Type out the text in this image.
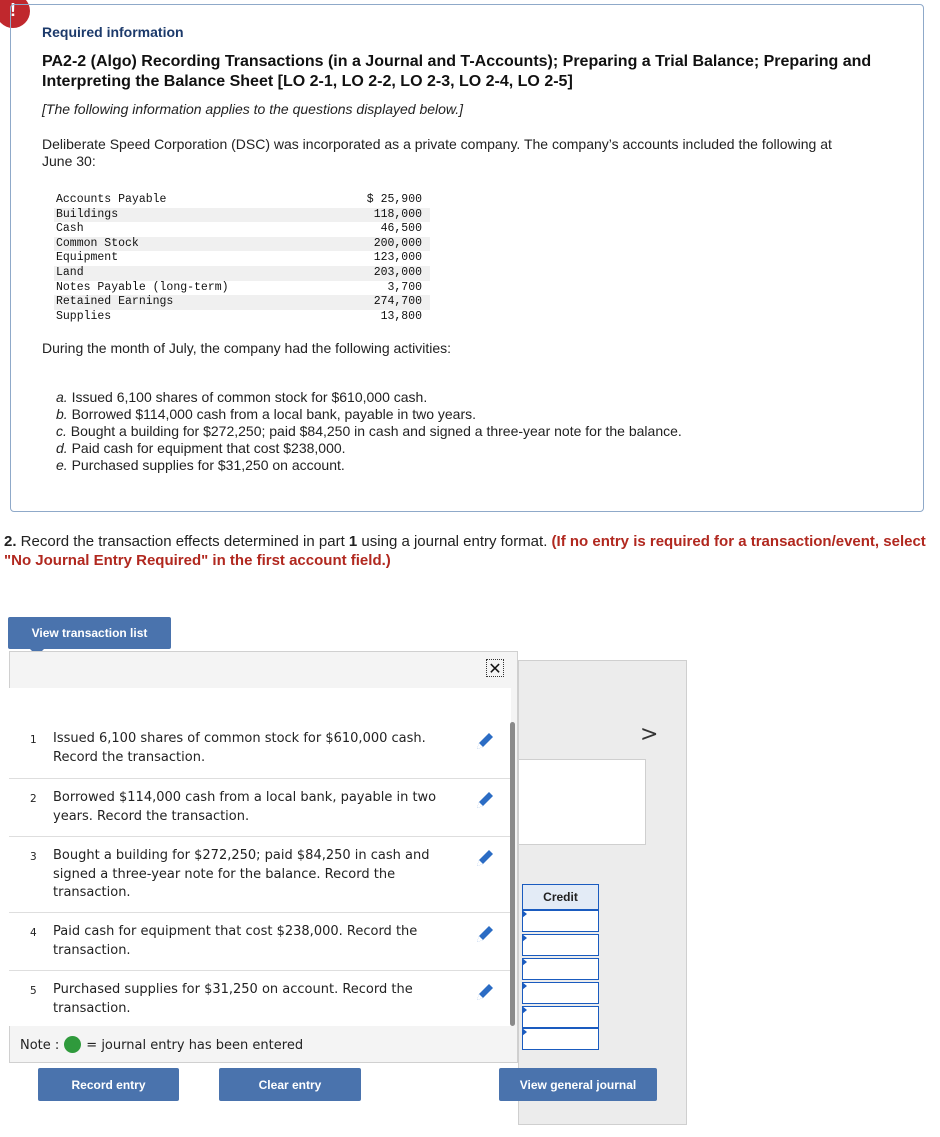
!
Required information
PA2-2 (Algo) Recording Transactions (in a Journal and T-Accounts); Preparing a Trial Balance; Preparing and Interpreting the Balance Sheet [LO 2-1, LO 2-2, LO 2-3, LO 2-4, LO 2-5]
[The following information applies to the questions displayed below.]
Deliberate Speed Corporation (DSC) was incorporated as a private company. The company’s accounts included the following at June 30:
Accounts Payable	$ 25,900
Buildings	118,000
Cash	46,500
Common Stock	200,000
Equipment	123,000
Land	203,000
Notes Payable (long-term)	3,700
Retained Earnings	274,700
Supplies	13,800
During the month of July, the company had the following activities:
a. Issued 6,100 shares of common stock for $610,000 cash.
b. Borrowed $114,000 cash from a local bank, payable in two years.
c. Bought a building for $272,250; paid $84,250 in cash and signed a three-year note for the balance.
d. Paid cash for equipment that cost $238,000.
e. Purchased supplies for $31,250 on account.
2. Record the transaction effects determined in part 1 using a journal entry format. (If no entry is required for a transaction/event, select "No Journal Entry Required" in the first account field.)
View transaction list
>
Credit
✕
1 Issued 6,100 shares of common stock for $610,000 cash. Record the transaction.
2 Borrowed $114,000 cash from a local bank, payable in two years. Record the transaction.
3 Bought a building for $272,250; paid $84,250 in cash and signed a three-year note for the balance. Record the transaction.
4 Paid cash for equipment that cost $238,000. Record the transaction.
5 Purchased supplies for $31,250 on account. Record the transaction.
Note : = journal entry has been entered
Record entry	Clear entry	View general journal
